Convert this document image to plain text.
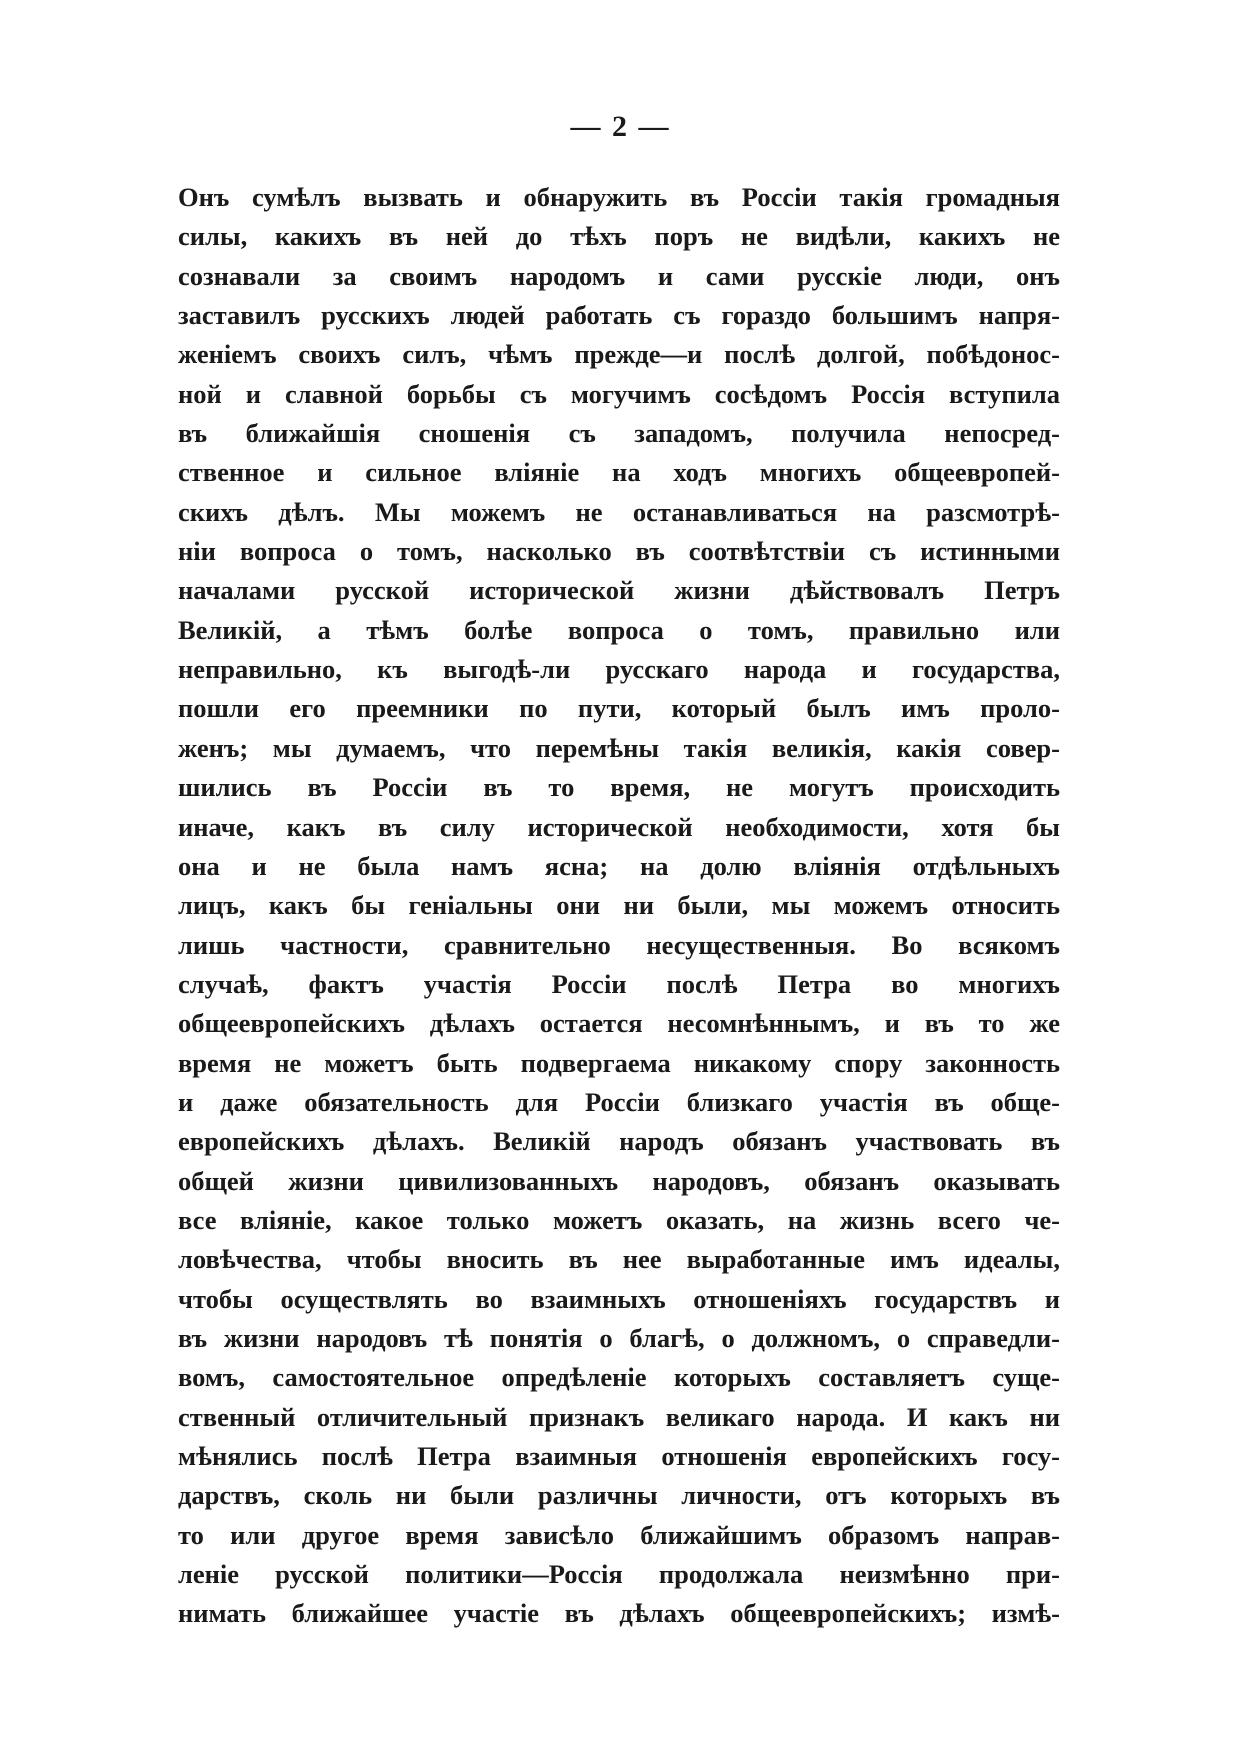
— 2 —
Онъ сумѣлъ вызвать и обнаружить въ Россiи такiя громадныя
силы, какихъ въ ней до тѣхъ поръ не видѣли, какихъ не
сознавали за своимъ народомъ и сами русскiе люди, онъ
заставилъ русскихъ людей работать съ гораздо большимъ напря-
женiемъ своихъ силъ, чѣмъ прежде—и послѣ долгой, побѣдонос-
ной и славной борьбы съ могучимъ сосѣдомъ Россiя вступила
въ ближайшiя сношенiя съ западомъ, получила непосред-
ственное и сильное влiянiе на ходъ многихъ общеевропей-
скихъ дѣлъ. Мы можемъ не останавливаться на разсмотрѣ-
нiи вопроса о томъ, насколько въ соотвѣтствiи съ истинными
началами русской исторической жизни дѣйствовалъ Петръ
Великiй, а тѣмъ болѣе вопроса о томъ, правильно или
неправильно, къ выгодѣ-ли русскаго народа и государства,
пошли его преемники по пути, который былъ имъ проло-
женъ; мы думаемъ, что перемѣны такiя великiя, какiя совер-
шились въ Россiи въ то время, не могутъ происходить
иначе, какъ въ силу исторической необходимости, хотя бы
она и не была намъ ясна; на долю влiянiя отдѣльныхъ
лицъ, какъ бы генiальны они ни были, мы можемъ относить
лишь частности, сравнительно несущественныя. Во всякомъ
случаѣ, фактъ участiя Россiи послѣ Петра во многихъ
общеевропейскихъ дѣлахъ остается несомнѣннымъ, и въ то же
время не можетъ быть подвергаема никакому спору законность
и даже обязательность для Россiи близкаго участiя въ обще-
европейскихъ дѣлахъ. Великiй народъ обязанъ участвовать въ
общей жизни цивилизованныхъ народовъ, обязанъ оказывать
все влiянiе, какое только можетъ оказать, на жизнь всего че-
ловѣчества, чтобы вносить въ нее выработанные имъ идеалы,
чтобы осуществлять во взаимныхъ отношенiяхъ государствъ и
въ жизни народовъ тѣ понятiя о благѣ, о должномъ, о справедли-
вомъ, самостоятельное опредѣленiе которыхъ составляетъ суще-
ственный отличительный признакъ великаго народа. И какъ ни
мѣнялись послѣ Петра взаимныя отношенiя европейскихъ госу-
дарствъ, сколь ни были различны личности, отъ которыхъ въ
то или другое время зависѣло ближайшимъ образомъ направ-
ленiе русской политики—Россiя продолжала неизмѣнно при-
нимать ближайшее участiе въ дѣлахъ общеевропейскихъ; измѣ-
